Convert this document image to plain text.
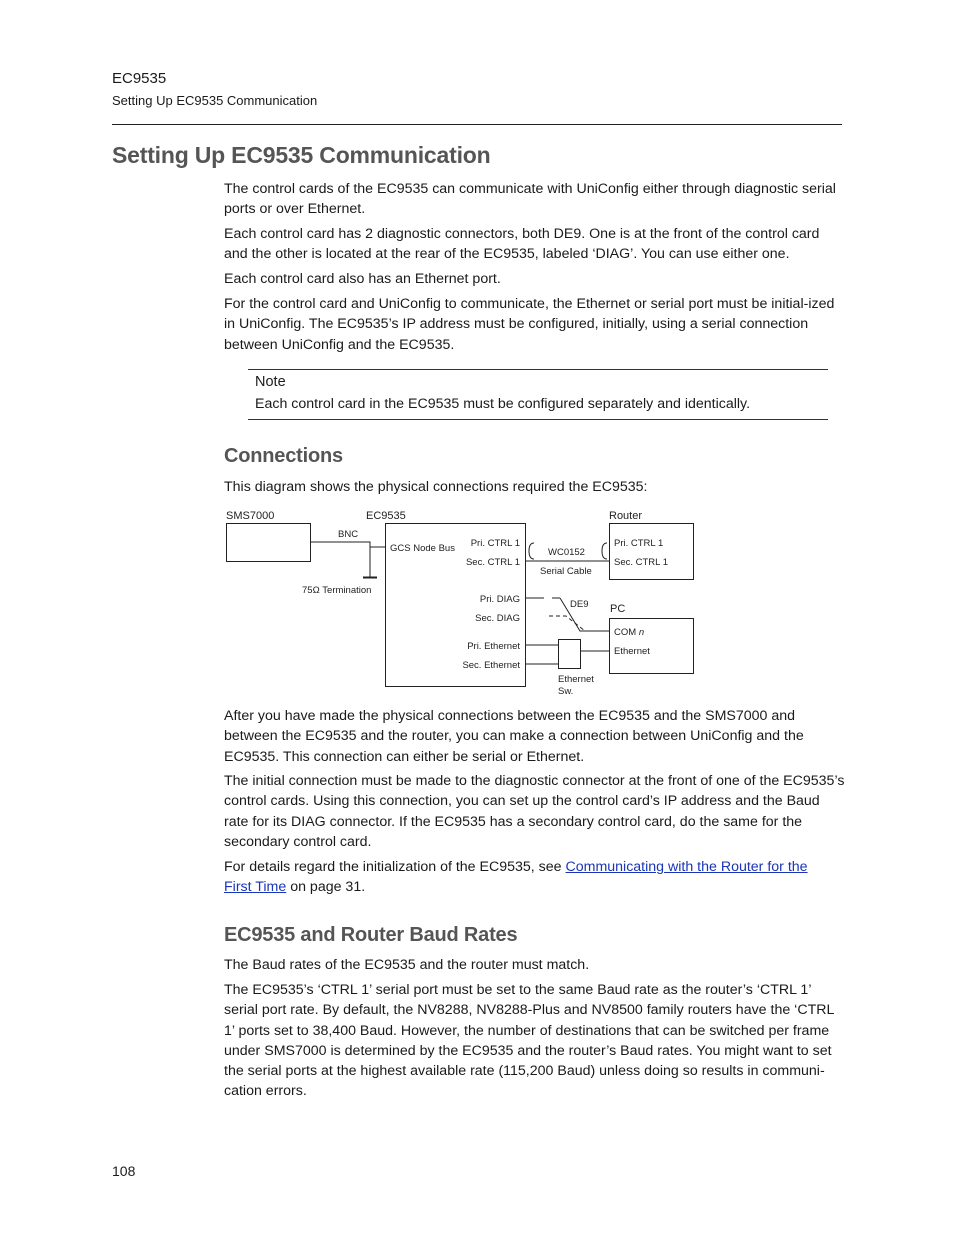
EC9535
Setting Up EC9535 Communication
Setting Up EC9535 Communication
The control cards of the EC9535 can communicate with UniConfig either through diagnostic serial ports or over Ethernet.
Each control card has 2 diagnostic connectors, both DE9. One is at the front of the control card and the other is located at the rear of the EC9535, labeled ‘DIAG’. You can use either one.
Each control card also has an Ethernet port.
For the control card and UniConfig to communicate, the Ethernet or serial port must be initial-ized in UniConfig. The EC9535’s IP address must be configured, initially, using a serial connection between UniConfig and the EC9535.
Note
Each control card in the EC9535 must be configured separately and identically.
Connections
This diagram shows the physical connections required the EC9535:
SMS7000
BNC
EC9535
GCS Node Bus
75Ω Termination
Pri. CTRL 1
Sec. CTRL 1
Pri. DIAG
Sec. DIAG
Pri. Ethernet
Sec. Ethernet
WC0152
Serial Cable
DE9
Router
Pri. CTRL 1
Sec. CTRL 1
PC
COM n
Ethernet
Ethernet
Sw.
After you have made the physical connections between the EC9535 and the SMS7000 and between the EC9535 and the router, you can make a connection between UniConfig and the EC9535. This connection can either be serial or Ethernet.
The initial connection must be made to the diagnostic connector at the front of one of the EC9535’s control cards. Using this connection, you can set up the control card’s IP address and the Baud rate for its DIAG connector. If the EC9535 has a secondary control card, do the same for the secondary control card.
For details regard the initialization of the EC9535, see Communicating with the Router for the First Time on page 31.
EC9535 and Router Baud Rates
The Baud rates of the EC9535 and the router must match.
The EC9535’s ‘CTRL 1’ serial port must be set to the same Baud rate as the router’s ‘CTRL 1’ serial port rate. By default, the NV8288, NV8288-Plus and NV8500 family routers have the ‘CTRL 1’ ports set to 38,400 Baud. However, the number of destinations that can be switched per frame under SMS7000 is determined by the EC9535 and the router’s Baud rates. You might want to set the serial ports at the highest available rate (115,200 Baud) unless doing so results in communi-cation errors.
108
